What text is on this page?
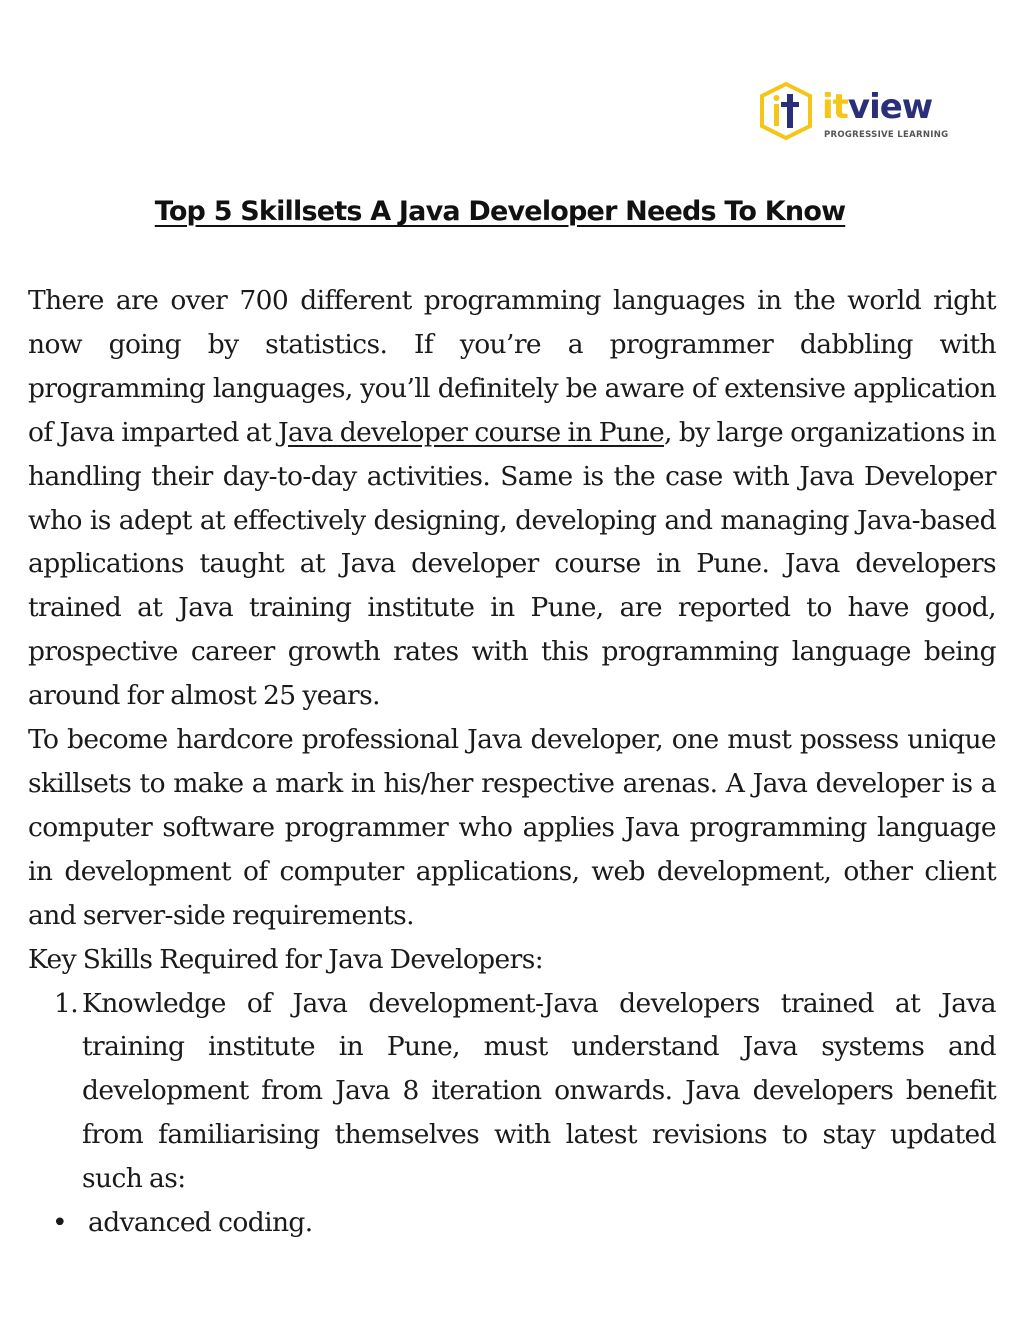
itview
PROGRESSIVE LEARNING
Top 5 Skillsets A Java Developer Needs To Know

There are over 700 different programming languages in the world right now going by statistics. If you’re a programmer dabbling with programming languages, you’ll definitely be aware of extensive application of Java imparted at Java developer course in Pune, by large organizations in handling their day-to-day activities. Same is the case with Java Developer who is adept at effectively designing, developing and managing Java-based applications taught at Java developer course in Pune. Java developers trained at Java training institute in Pune, are reported to have good, prospective career growth rates with this programming language being around for almost 25 years.

To become hardcore professional Java developer, one must possess unique skillsets to make a mark in his/her respective arenas. A Java developer is a computer software programmer who applies Java programming language in development of computer applications, web development, other client and server-side requirements.

Key Skills Required for Java Developers:

1. Knowledge of Java development-Java developers trained at Java training institute in Pune, must understand Java systems and development from Java 8 iteration onwards. Java developers benefit from familiarising themselves with latest revisions to stay updated such as:
• advanced coding.
